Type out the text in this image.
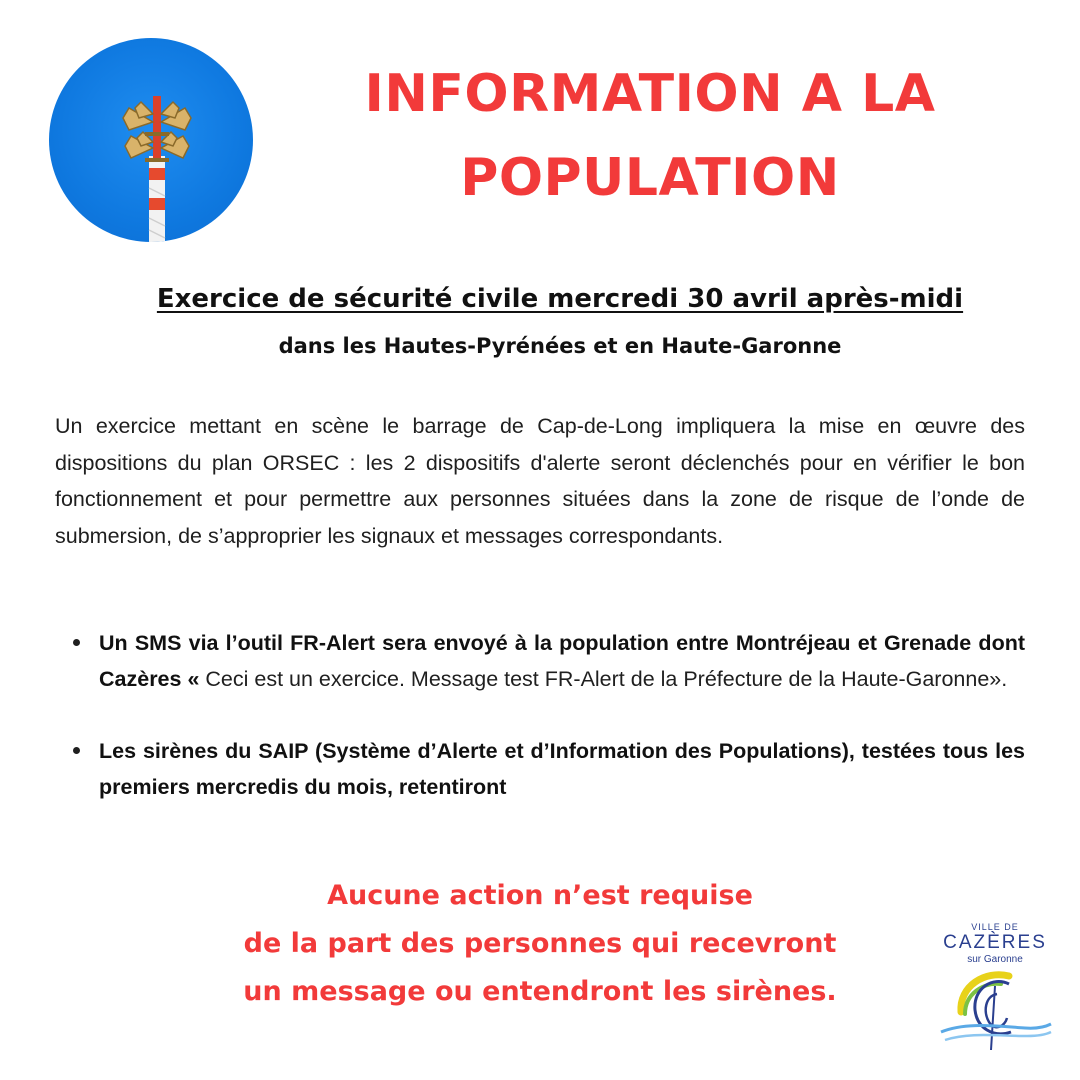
INFORMATION A LA
POPULATION
Exercice de sécurité civile mercredi 30 avril après-midi
dans les Hautes-Pyrénées et en Haute-Garonne

Un exercice mettant en scène le barrage de Cap-de-Long impliquera la mise en œuvre des dispositions du plan ORSEC : les 2 dispositifs d'alerte seront déclenchés pour en vérifier le bon fonctionnement et pour permettre aux personnes situées dans la zone de risque de l’onde de submersion, de s’approprier les signaux et messages correspondants.

Un SMS via l’outil FR-Alert sera envoyé à la population entre Montréjeau et Grenade dont Cazères « Ceci est un exercice. Message test FR-Alert de la Préfecture de la Haute-Garonne».
Les sirènes du SAIP (Système d’Alerte et d’Information des Populations), testées tous les premiers mercredis du mois, retentiront
Aucune action n’est requise
de la part des personnes qui recevront
un message ou entendront les sirènes.
VILLE DE
CAZÈRES
sur Garonne
